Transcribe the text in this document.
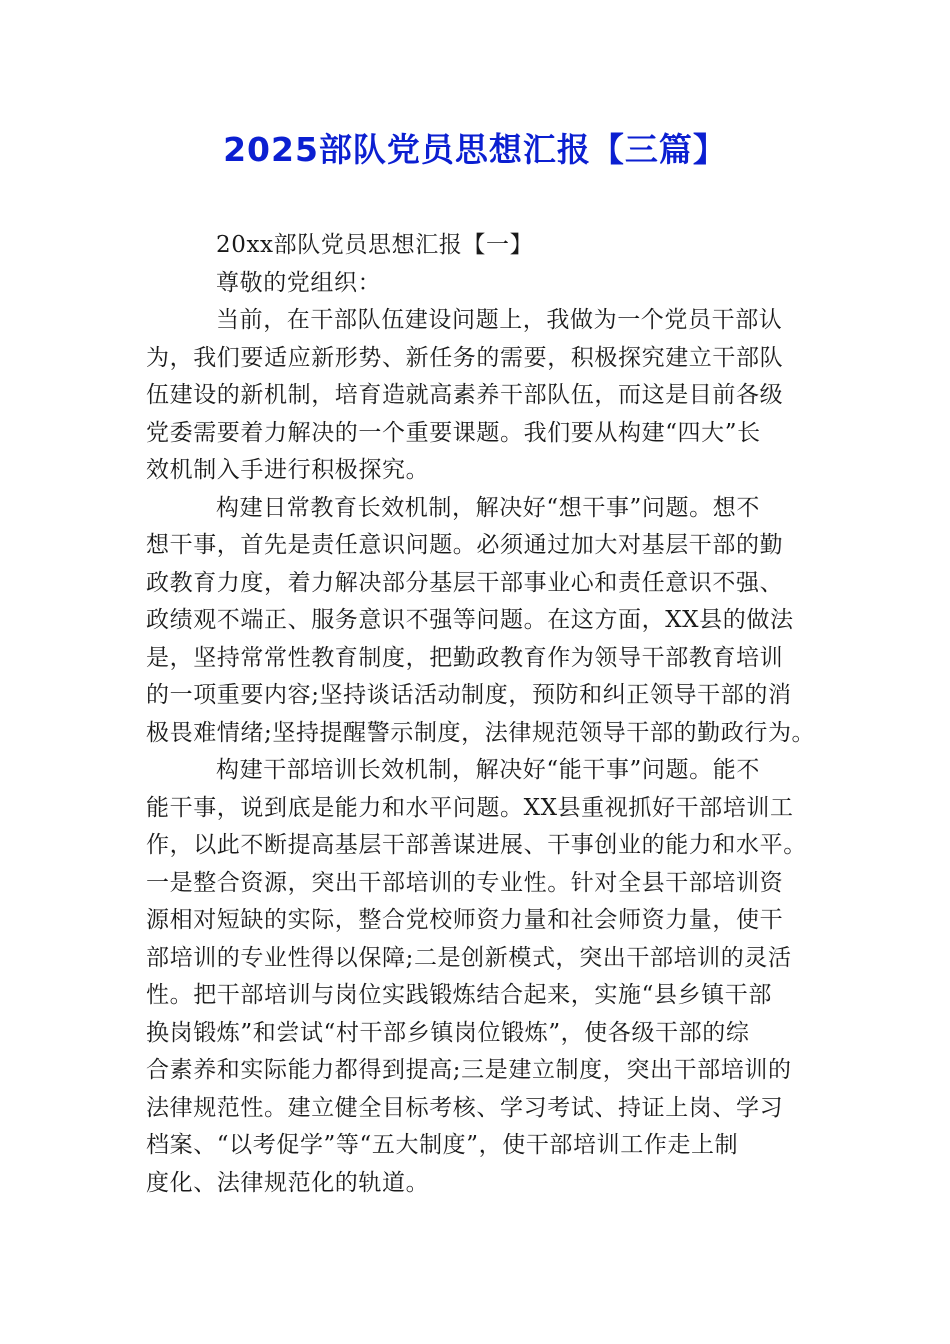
2025部队党员思想汇报【三篇】

20xx部队党员思想汇报【一】

尊敬的党组织：

当前，在干部队伍建设问题上，我做为一个党员干部认

为，我们要适应新形势、新任务的需要，积极探究建立干部队

伍建设的新机制，培育造就高素养干部队伍，而这是目前各级

党委需要着力解决的一个重要课题。我们要从构建“四大”长

效机制入手进行积极探究。

构建日常教育长效机制，解决好“想干事”问题。想不

想干事，首先是责任意识问题。必须通过加大对基层干部的勤

政教育力度，着力解决部分基层干部事业心和责任意识不强、

政绩观不端正、服务意识不强等问题。在这方面，XX县的做法

是，坚持常常性教育制度，把勤政教育作为领导干部教育培训

的一项重要内容;坚持谈话活动制度，预防和纠正领导干部的消

极畏难情绪;坚持提醒警示制度，法律规范领导干部的勤政行为。

构建干部培训长效机制，解决好“能干事”问题。能不

能干事，说到底是能力和水平问题。XX县重视抓好干部培训工

作，以此不断提高基层干部善谋进展、干事创业的能力和水平。

一是整合资源，突出干部培训的专业性。针对全县干部培训资

源相对短缺的实际，整合党校师资力量和社会师资力量，使干

部培训的专业性得以保障;二是创新模式，突出干部培训的灵活

性。把干部培训与岗位实践锻炼结合起来，实施“县乡镇干部

换岗锻炼”和尝试“村干部乡镇岗位锻炼”，使各级干部的综

合素养和实际能力都得到提高;三是建立制度，突出干部培训的

法律规范性。建立健全目标考核、学习考试、持证上岗、学习

档案、“以考促学”等“五大制度”，使干部培训工作走上制

度化、法律规范化的轨道。
